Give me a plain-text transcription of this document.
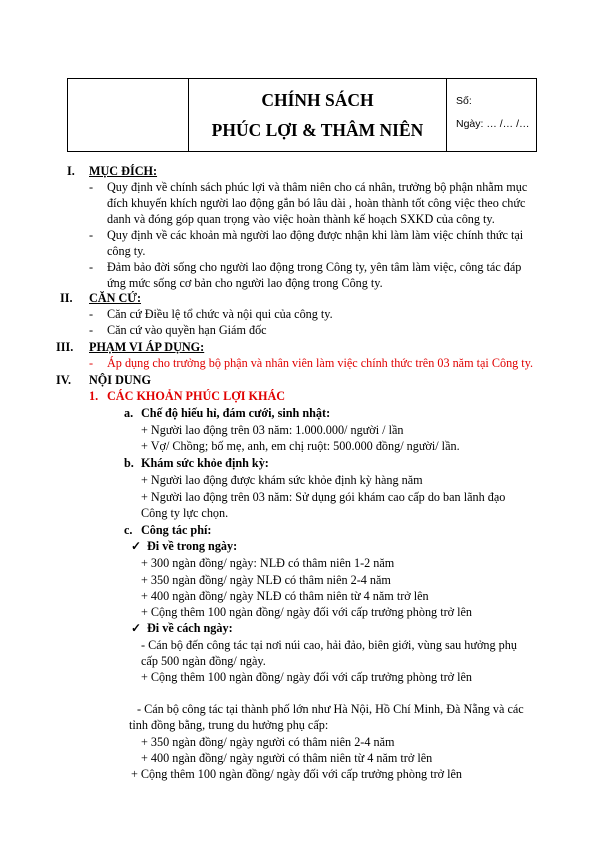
CHÍNH SÁCH
PHÚC LỢI & THÂM NIÊN
Số:
Ngày: … /… /…
I. MỤC ĐÍCH:
- Quy định về chính sách phúc lợi và thâm niên cho cá nhân, trưởng bộ phận nhằm mục
đích khuyến khích người lao động gắn bó lâu dài , hoàn thành tốt công việc theo chức
danh và đóng góp quan trọng vào việc hoàn thành kế hoạch SXKD của công ty.
- Quy định về các khoản mà người lao động được nhận khi làm làm việc chính thức tại
công ty.
- Đảm bảo đời sống cho người lao động trong Công ty, yên tâm làm việc, công tác đáp
ứng mức sống cơ bản cho người lao động trong Công ty.
II. CĂN CỨ:
- Căn cứ Điều lệ tổ chức và nội qui của công ty.
- Căn cứ vào quyền hạn Giám đốc
III. PHẠM VI ÁP DỤNG:
- Áp dụng cho trưởng bộ phận và nhân viên làm việc chính thức trên 03 năm tại Công ty.
IV. NỘI DUNG
1. CÁC KHOẢN PHÚC LỢI KHÁC
a. Chế độ hiếu hỉ, đám cưới, sinh nhật:
+ Người lao động trên 03 năm: 1.000.000/ người / lần
+ Vợ/ Chồng; bố mẹ, anh, em chị ruột: 500.000 đồng/ người/ lần.
b. Khám sức khỏe định kỳ:
+ Người lao động được khám sức khỏe định kỳ hàng năm
+ Người lao động trên 03 năm: Sử dụng gói khám cao cấp do ban lãnh đạo
Công ty lực chọn.
c. Công tác phí:
✓ Đi về trong ngày:
+ 300 ngàn đồng/ ngày: NLĐ có thâm niên 1-2 năm
+ 350 ngàn đồng/ ngày NLĐ có thâm niên 2-4 năm
+ 400 ngàn đồng/ ngày NLĐ có thâm niên từ 4 năm trở lên
+ Cộng thêm 100 ngàn đồng/ ngày đối với cấp trưởng phòng trở lên
✓ Đi về cách ngày:
- Cán bộ đến công tác tại nơi núi cao, hải đảo, biên giới, vùng sau hưởng phụ
cấp 500 ngàn đồng/ ngày.
+ Cộng thêm 100 ngàn đồng/ ngày đối với cấp trưởng phòng trở lên
- Cán bộ công tác tại thành phố lớn như Hà Nội, Hồ Chí Minh, Đà Nẵng và các
tỉnh đồng bằng, trung du hưởng phụ cấp:
+ 350 ngàn đồng/ ngày người có thâm niên 2-4 năm
+ 400 ngàn đồng/ ngày người có thâm niên từ 4 năm trở lên
+ Cộng thêm 100 ngàn đồng/ ngày đối với cấp trưởng phòng trở lên
